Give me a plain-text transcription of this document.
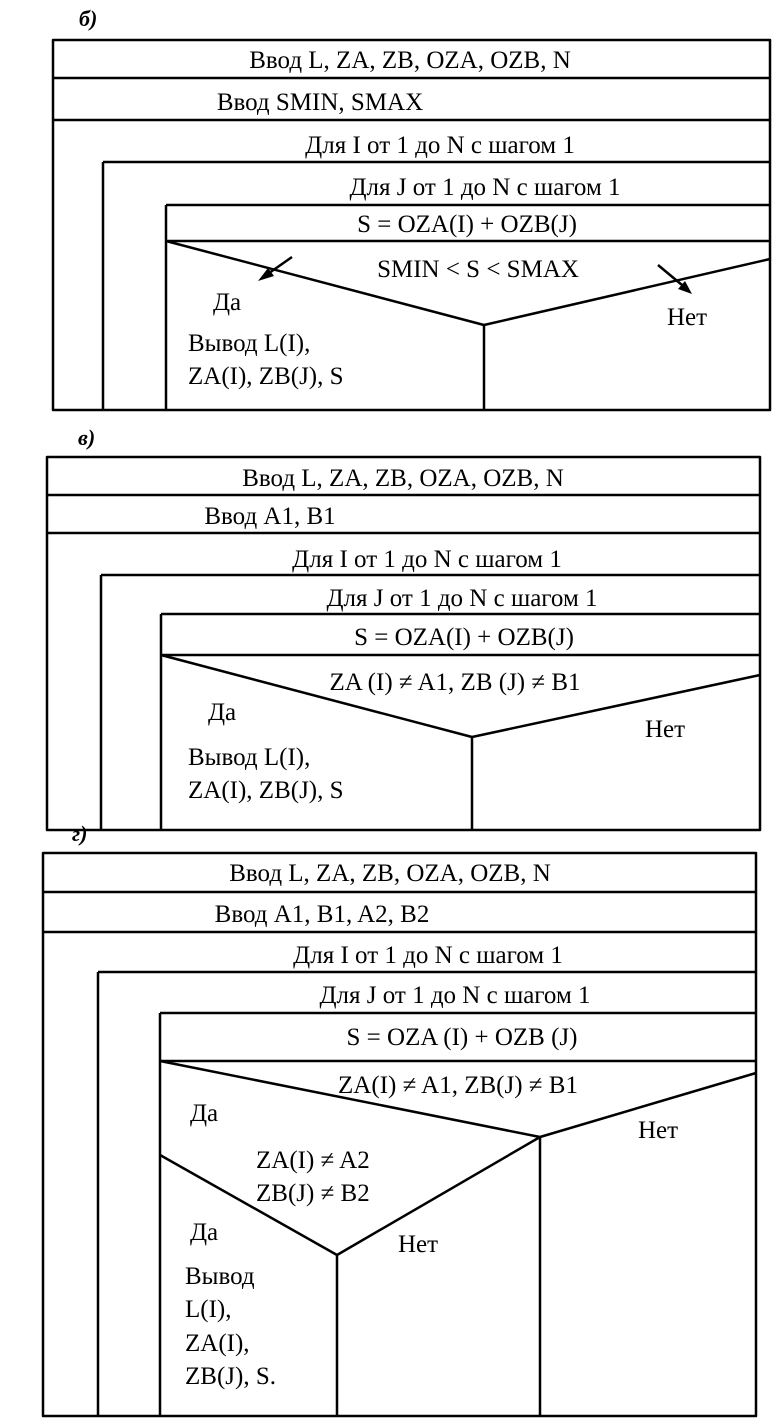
б)
Ввод L, ZA, ZB, OZA, OZB, N
Ввод SMIN, SMAX
Для I от 1 до N с шагом 1
Для J от 1 до N с шагом 1
S = OZA(I) + OZB(J)
SMIN < S < SMAX
Да
Нет
Вывод L(I),
ZA(I), ZB(J), S
в)
Ввод L, ZA, ZB, OZA, OZB, N
Ввод A1, B1
Для I от 1 до N с шагом 1
Для J от 1 до N с шагом 1
S = OZA(I) + OZB(J)
ZA (I) ≠ A1, ZB (J) ≠ B1
Да
Нет
Вывод L(I),
ZA(I), ZB(J), S
г)
Ввод L, ZA, ZB, OZA, OZB, N
Ввод A1, B1, A2, B2
Для I от 1 до N с шагом 1
Для J от 1 до N с шагом 1
S = OZA (I) + OZB (J)
ZA(I) ≠ A1, ZB(J) ≠ B1
Да
Нет
ZA(I) ≠ A2
ZB(J) ≠ B2
Да	Нет
Вывод
L(I),
ZA(I),
ZB(J), S.
